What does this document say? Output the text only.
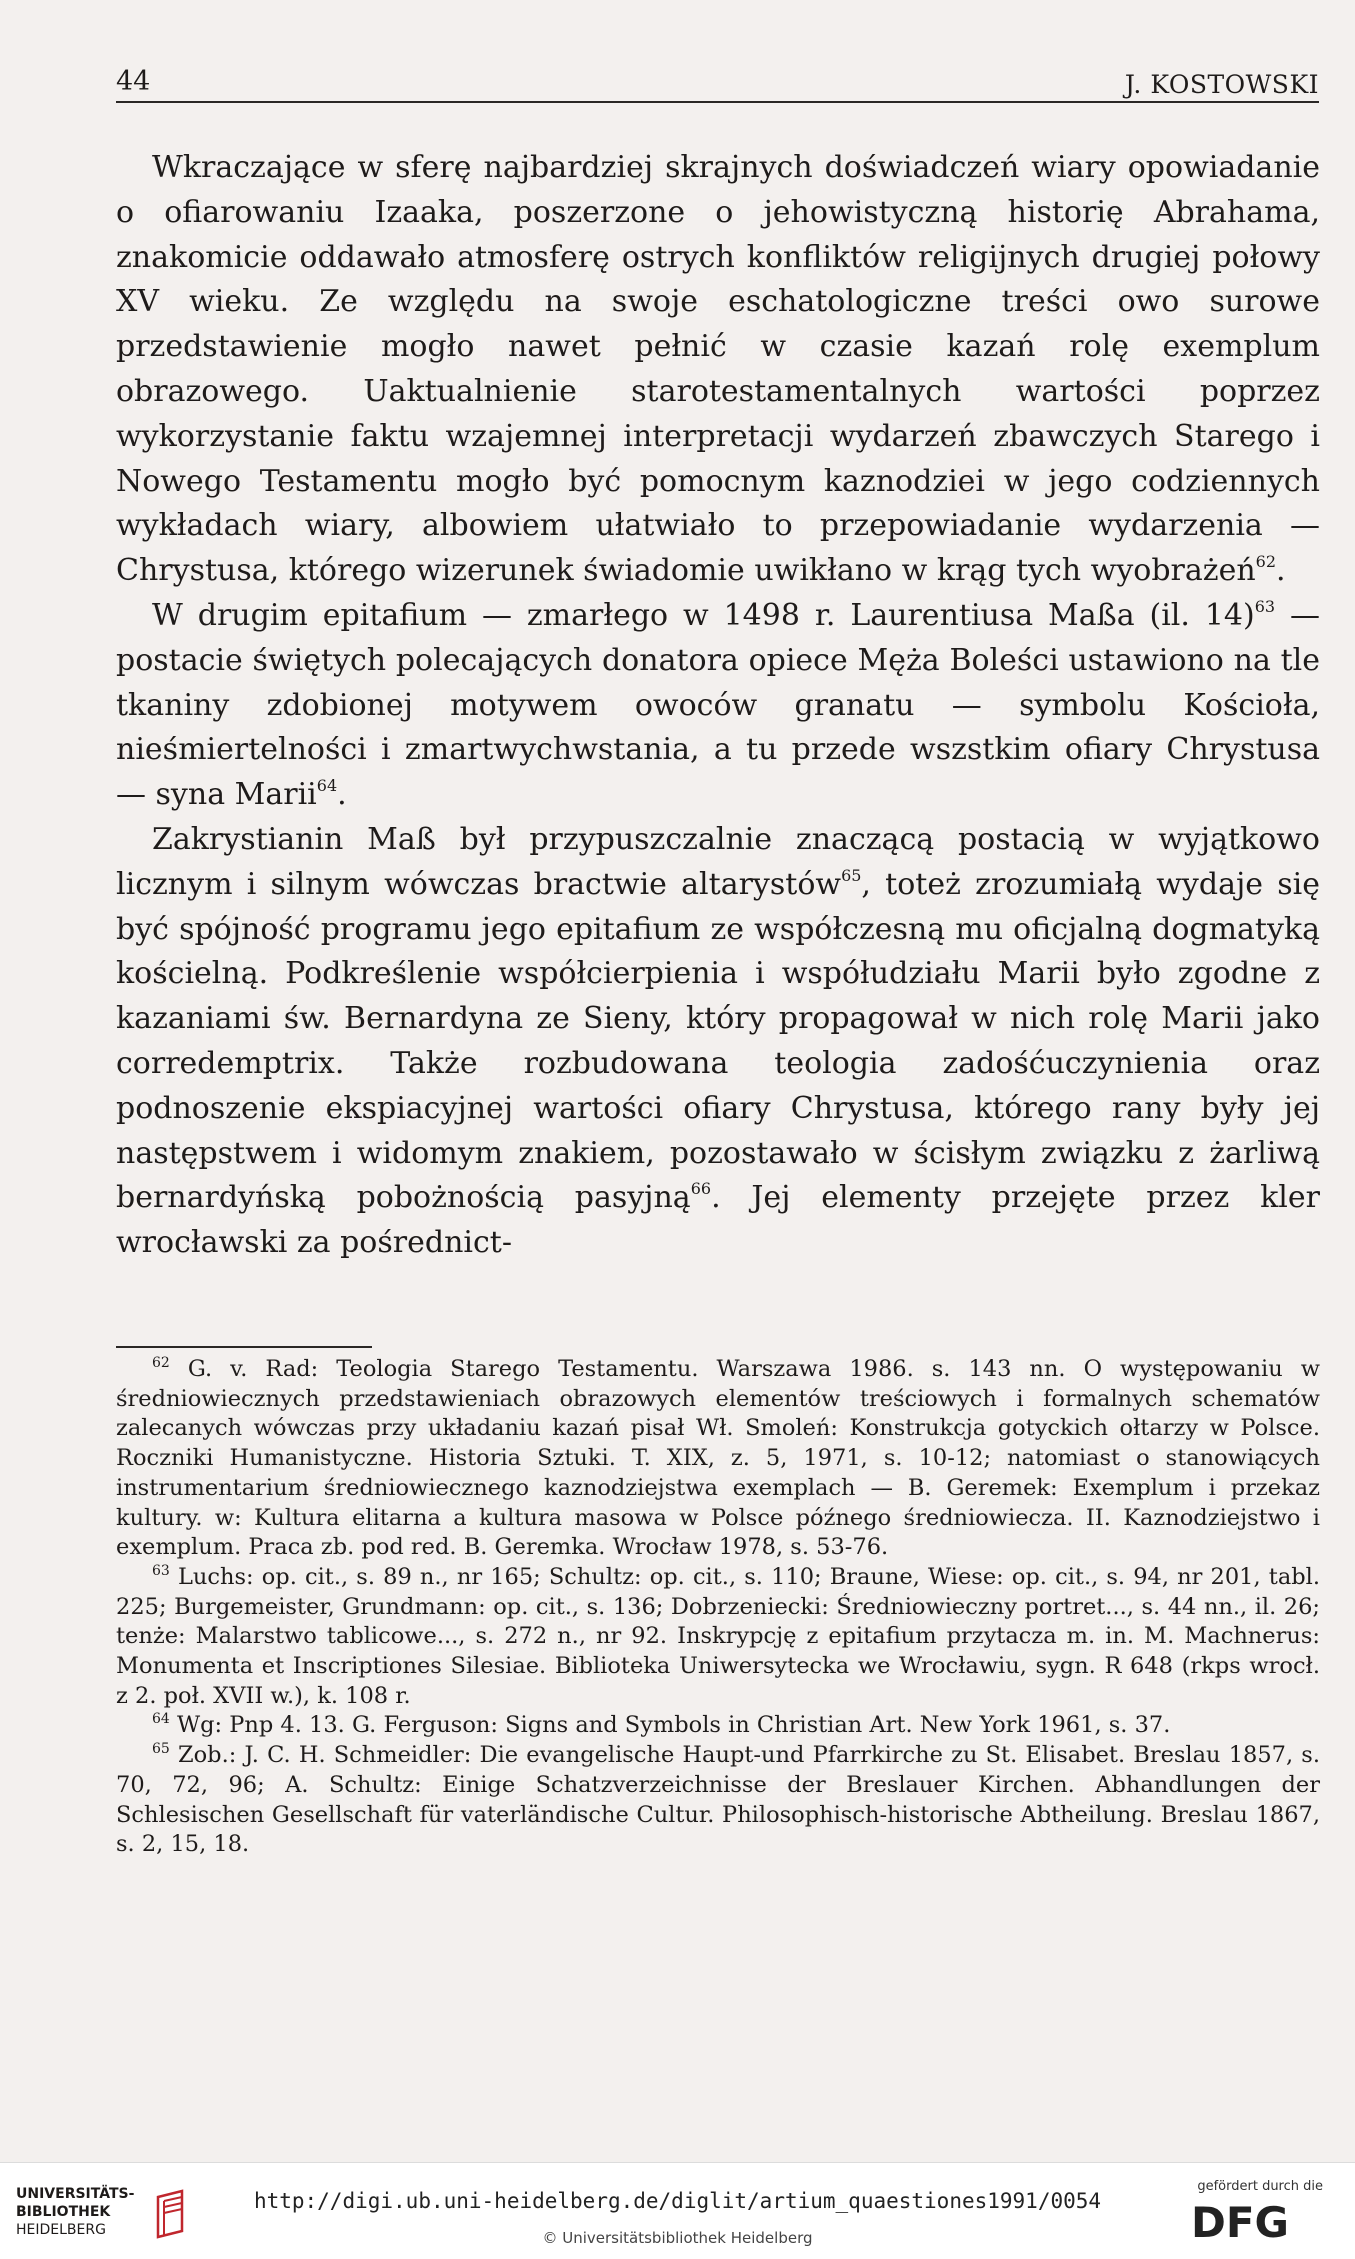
44	J. KOSTOWSKI

Wkraczające w sferę najbardziej skrajnych doświadczeń wiary opowiadanie o ofiarowaniu Izaaka, poszerzone o jehowistyczną historię Abrahama, znakomicie oddawało atmosferę ostrych konfliktów religijnych drugiej połowy XV wieku. Ze względu na swoje eschatologiczne treści owo surowe przedstawienie mogło nawet pełnić w czasie kazań rolę exemplum obrazowego. Uaktualnienie starotestamentalnych wartości poprzez wykorzystanie faktu wzajemnej interpretacji wydarzeń zbawczych Starego i Nowego Testamentu mogło być pomocnym kaznodziei w jego codziennych wykładach wiary, albowiem ułatwiało to przepowiadanie wydarzenia — Chrystusa, którego wizerunek świadomie uwikłano w krąg tych wyobrażeń$^{62}$.

W drugim epitafium — zmarłego w 1498 r. Laurentiusa Maßa (il. 14)$^{63}$ — postacie świętych polecających donatora opiece Męża Boleści ustawiono na tle tkaniny zdobionej motywem owoców granatu — symbolu Kościoła, nieśmiertelności i zmartwychwstania, a tu przede wszstkim ofiary Chrystusa — syna Marii$^{64}$.

Zakrystianin Maß był przypuszczalnie znaczącą postacią w wyjątkowo licznym i silnym wówczas bractwie altarystów$^{65}$, toteż zrozumiałą wydaje się być spójność programu jego epitafium ze współczesną mu oficjalną dogmatyką kościelną. Podkreślenie współcierpienia i współudziału Marii było zgodne z kazaniami św. Bernardyna ze Sieny, który propagował w nich rolę Marii jako corredemptrix. Także rozbudowana teologia zadośćuczynienia oraz podnoszenie ekspiacyjnej wartości ofiary Chrystusa, którego rany były jej następstwem i widomym znakiem, pozostawało w ścisłym związku z żarliwą bernardyńską pobożnością pasyjną$^{66}$. Jej elementy przejęte przez kler wrocławski za pośrednict-

$^{62}$ G. v. Rad: Teologia Starego Testamentu. Warszawa 1986. s. 143 nn. O występowaniu w średniowiecznych przedstawieniach obrazowych elementów treściowych i formalnych schematów zalecanych wówczas przy układaniu kazań pisał Wł. Smoleń: Konstrukcja gotyckich ołtarzy w Polsce. Roczniki Humanistyczne. Historia Sztuki. T. XIX, z. 5, 1971, s. 10-12; natomiast o stanowiących instrumentarium średniowiecznego kaznodziejstwa exemplach — B. Geremek: Exemplum i przekaz kultury. w: Kultura elitarna a kultura masowa w Polsce późnego średniowiecza. II. Kaznodziejstwo i exemplum. Praca zb. pod red. B. Geremka. Wrocław 1978, s. 53-76.

$^{63}$ Luchs: op. cit., s. 89 n., nr 165; Schultz: op. cit., s. 110; Braune, Wiese: op. cit., s. 94, nr 201, tabl. 225; Burgemeister, Grundmann: op. cit., s. 136; Dobrzeniecki: Średniowieczny portret..., s. 44 nn., il. 26; tenże: Malarstwo tablicowe..., s. 272 n., nr 92. Inskrypcję z epitafium przytacza m. in. M. Machnerus: Monumenta et Inscriptiones Silesiae. Biblioteka Uniwersytecka we Wrocławiu, sygn. R 648 (rkps wrocł. z 2. poł. XVII w.), k. 108 r.

$^{64}$ Wg: Pnp 4. 13. G. Ferguson: Signs and Symbols in Christian Art. New York 1961, s. 37.

$^{65}$ Zob.: J. C. H. Schmeidler: Die evangelische Haupt-und Pfarrkirche zu St. Elisabet. Breslau 1857, s. 70, 72, 96; A. Schultz: Einige Schatzverzeichnisse der Breslauer Kirchen. Abhandlungen der Schlesischen Gesellschaft für vaterländische Cultur. Philosophisch-historische Abtheilung. Breslau 1867, s. 2, 15, 18.

UNIVERSITÄTS-
BIBLIOTHEK
HEIDELBERG
http://digi.ub.uni-heidelberg.de/diglit/artium_quaestiones1991/0054
© Universitätsbibliothek Heidelberg
gefördert durch die
DFG
